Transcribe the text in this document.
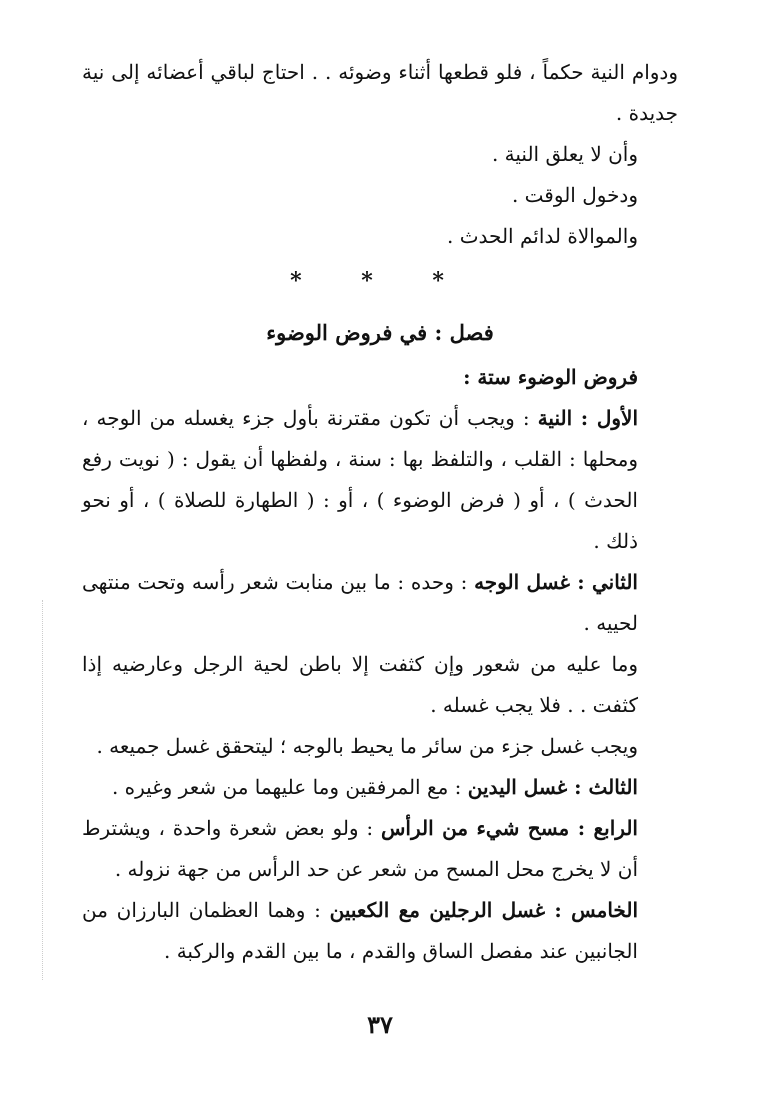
ودوام النية حكماً ، فلو قطعها أثناء وضوئه . . احتاج لباقي أعضائه إلى نية جديدة .

وأن لا يعلق النية .

ودخول الوقت .

والموالاة لدائم الحدث .

* * *
فصل : في فروض الوضوء

فروض الوضوء ستة :

الأول : النية : ويجب أن تكون مقترنة بأول جزء يغسله من الوجه ، ومحلها : القلب ، والتلفظ بها : سنة ، ولفظها أن يقول : ( نويت رفع الحدث ) ، أو ( فرض الوضوء ) ، أو : ( الطهارة للصلاة ) ، أو نحو ذلك .

الثاني : غسل الوجه : وحده : ما بين منابت شعر رأسه وتحت منتهى لحييه .

وما عليه من شعور وإن كثفت إلا باطن لحية الرجل وعارضيه إذا كثفت . . فلا يجب غسله .

ويجب غسل جزء من سائر ما يحيط بالوجه ؛ ليتحقق غسل جميعه .

الثالث : غسل اليدين : مع المرفقين وما عليهما من شعر وغيره .

الرابع : مسح شيء من الرأس : ولو بعض شعرة واحدة ، ويشترط أن لا يخرج محل المسح من شعر عن حد الرأس من جهة نزوله .

الخامس : غسل الرجلين مع الكعبين : وهما العظمان البارزان من الجانبين عند مفصل الساق والقدم ، ما بين القدم والركبة .

٣٧
